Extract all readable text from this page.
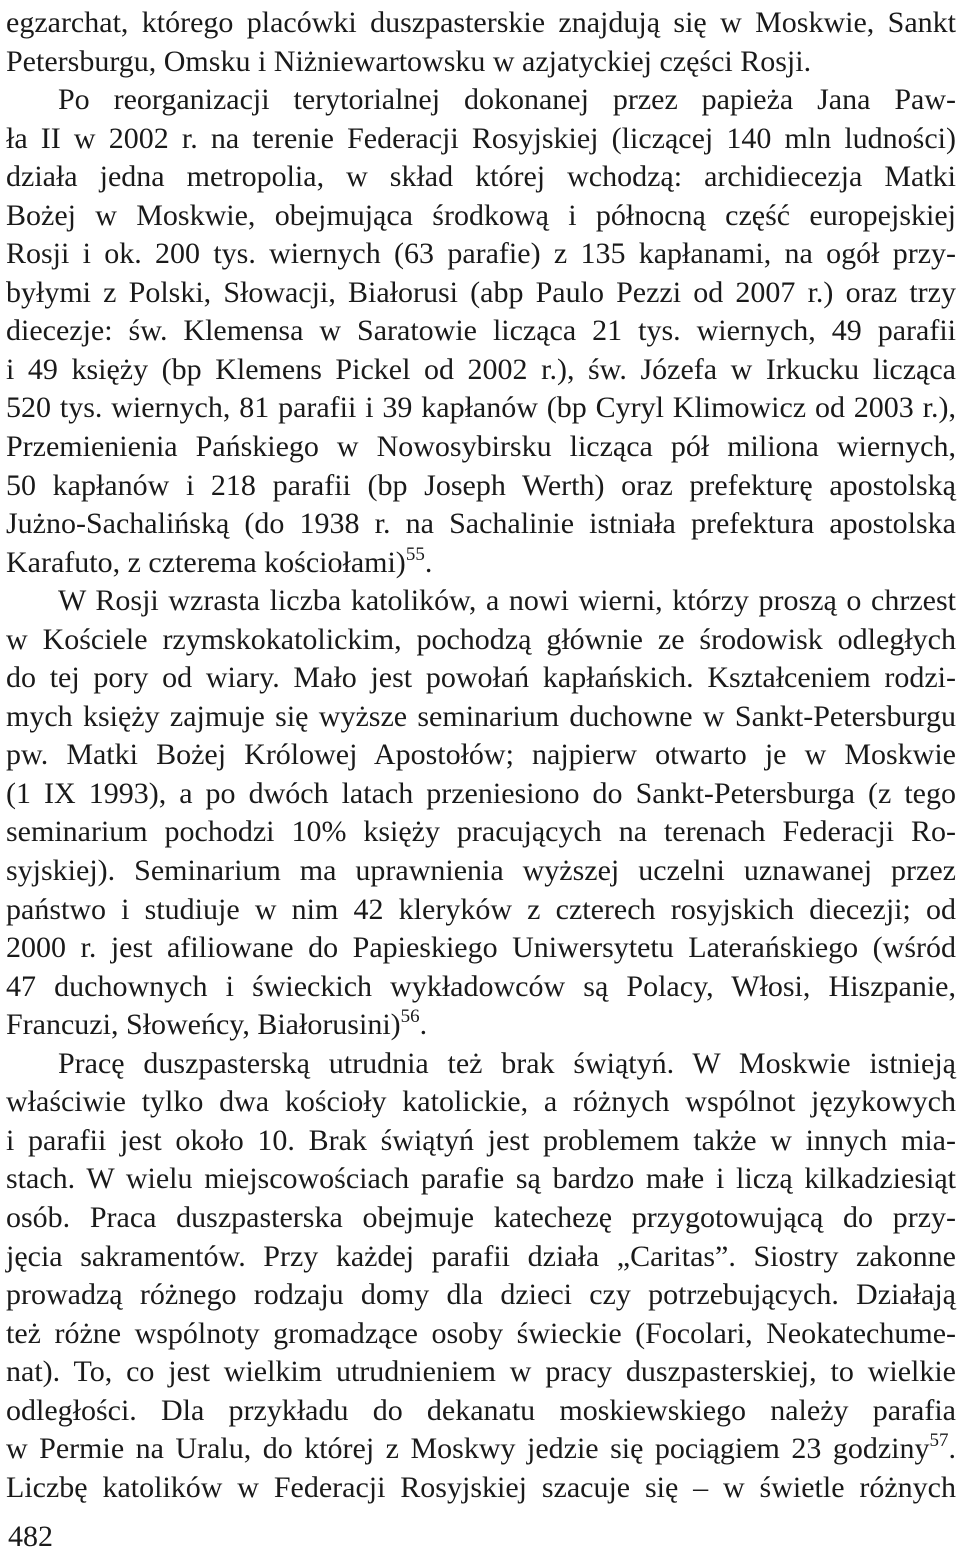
egzarchat, którego placówki duszpasterskie znajdują się w Moskwie, Sankt
Petersburgu, Omsku i Niżniewartowsku w azjatyckiej części Rosji.
Po reorganizacji terytorialnej dokonanej przez papieża Jana Paw-
ła II w 2002 r. na terenie Federacji Rosyjskiej (liczącej 140 mln ludności)
działa jedna metropolia, w skład której wchodzą: archidiecezja Matki
Bożej w Moskwie, obejmująca środkową i północną część europejskiej
Rosji i ok. 200 tys. wiernych (63 parafie) z 135 kapłanami, na ogół przy-
byłymi z Polski, Słowacji, Białorusi (abp Paulo Pezzi od 2007 r.) oraz trzy
diecezje: św. Klemensa w Saratowie licząca 21 tys. wiernych, 49 parafii
i 49 księży (bp Klemens Pickel od 2002 r.), św. Józefa w Irkucku licząca
520 tys. wiernych, 81 parafii i 39 kapłanów (bp Cyryl Klimowicz od 2003 r.),
Przemienienia Pańskiego w Nowosybirsku licząca pół miliona wiernych,
50 kapłanów i 218 parafii (bp Joseph Werth) oraz prefekturę apostolską
Jużno-Sachalińską (do 1938 r. na Sachalinie istniała prefektura apostolska
Karafuto, z czterema kościołami)$^{55}$.
W Rosji wzrasta liczba katolików, a nowi wierni, którzy proszą o chrzest
w Kościele rzymskokatolickim, pochodzą głównie ze środowisk odległych
do tej pory od wiary. Mało jest powołań kapłańskich. Kształceniem rodzi-
mych księży zajmuje się wyższe seminarium duchowne w Sankt-Petersburgu
pw. Matki Bożej Królowej Apostołów; najpierw otwarto je w Moskwie
(1 IX 1993), a po dwóch latach przeniesiono do Sankt-Petersburga (z tego
seminarium pochodzi 10% księży pracujących na terenach Federacji Ro-
syjskiej). Seminarium ma uprawnienia wyższej uczelni uznawanej przez
państwo i studiuje w nim 42 kleryków z czterech rosyjskich diecezji; od
2000 r. jest afiliowane do Papieskiego Uniwersytetu Laterańskiego (wśród
47 duchownych i świeckich wykładowców są Polacy, Włosi, Hiszpanie,
Francuzi, Słoweńcy, Białorusini)$^{56}$.
Pracę duszpasterską utrudnia też brak świątyń. W Moskwie istnieją
właściwie tylko dwa kościoły katolickie, a różnych wspólnot językowych
i parafii jest około 10. Brak świątyń jest problemem także w innych mia-
stach. W wielu miejscowościach parafie są bardzo małe i liczą kilkadziesiąt
osób. Praca duszpasterska obejmuje katechezę przygotowującą do przy-
jęcia sakramentów. Przy każdej parafii działa „Caritas”. Siostry zakonne
prowadzą różnego rodzaju domy dla dzieci czy potrzebujących. Działają
też różne wspólnoty gromadzące osoby świeckie (Focolari, Neokatechume-
nat). To, co jest wielkim utrudnieniem w pracy duszpasterskiej, to wielkie
odległości. Dla przykładu do dekanatu moskiewskiego należy parafia
w Permie na Uralu, do której z Moskwy jedzie się pociągiem 23 godziny$^{57}$.
Liczbę katolików w Federacji Rosyjskiej szacuje się – w świetle różnych
482
